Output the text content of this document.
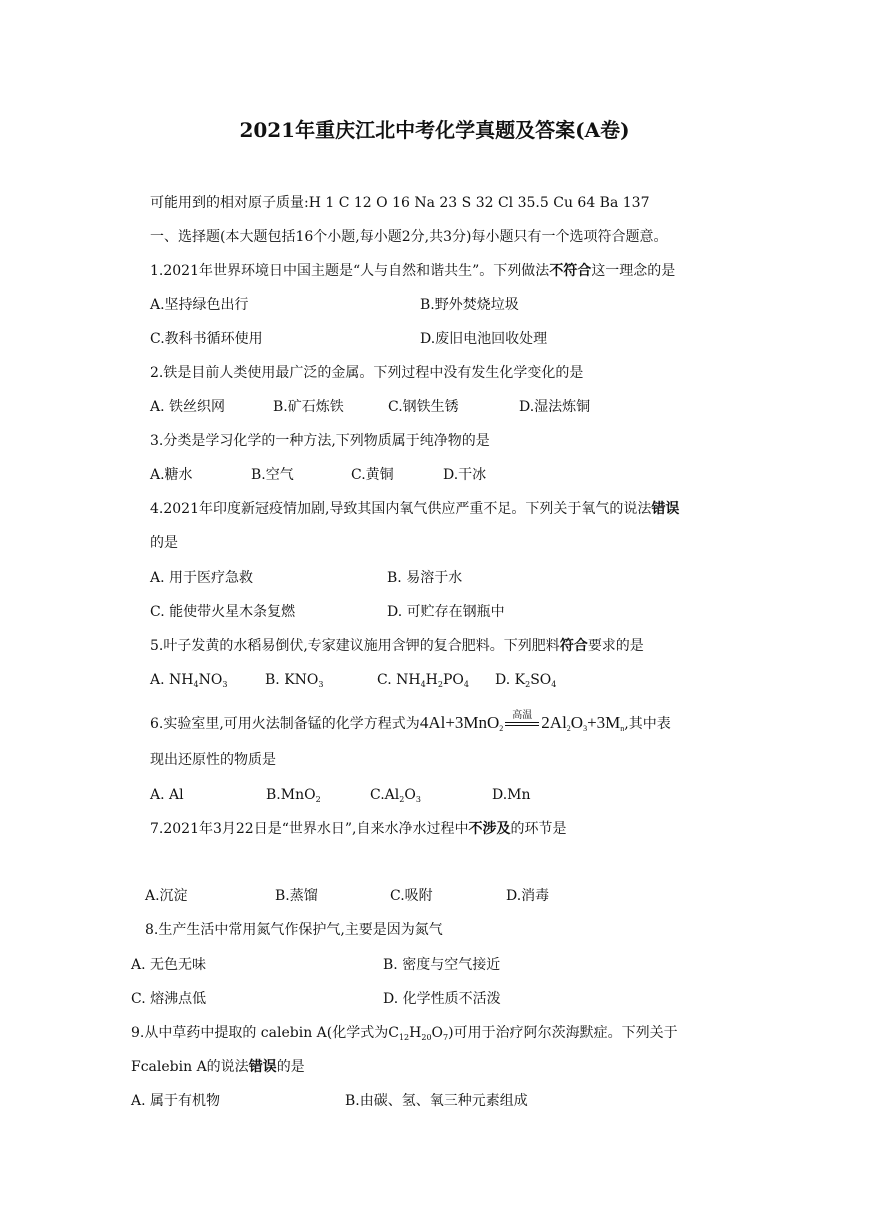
2021年重庆江北中考化学真题及答案(A卷)
可能用到的相对原子质量:H 1 C 12 O 16 Na 23 S 32 Cl 35.5 Cu 64 Ba 137
一、选择题(本大题包括16个小题,每小题2分,共3分)每小题只有一个选项符合题意。
1.2021年世界环境日中国主题是“人与自然和谐共生”。下列做法不符合这一理念的是
A.坚持绿色出行	B.野外焚烧垃圾
C.教科书循环使用	D.废旧电池回收处理
2.铁是目前人类使用最广泛的金属。下列过程中没有发生化学变化的是
A. 铁丝织网	B.矿石炼铁	C.钢铁生锈	D.湿法炼铜
3.分类是学习化学的一种方法,下列物质属于纯净物的是
A.糖水	B.空气	C.黄铜	D.干冰
4.2021年印度新冠疫情加剧,导致其国内氧气供应严重不足。下列关于氧气的说法错误
的是
A. 用于医疗急救	B. 易溶于水
C. 能使带火星木条复燃	D. 可贮存在钢瓶中
5.叶子发黄的水稻易倒伏,专家建议施用含钾的复合肥料。下列肥料符合要求的是
A. $NH_4NO_3$	B. $KNO_3$	C. $NH_4H_2PO_4$ D. $K_2SO_4$
6.实验室里,可用火法制备锰的化学方程式为4Al+3MnO$_2$
高温 $2Al_2O_3+3M_n$,其中表
现出还原性的物质是
A. Al	B.MnO$_2$	$C.Al_2O_3$	D.Mn
7.2021年3月22日是“世界水日”,自来水净水过程中不涉及的环节是
A.沉淀	B.蒸馏	C.吸附	D.消毒
8.生产生活中常用氮气作保护气,主要是因为氮气
A. 无色无味	B. 密度与空气接近
C. 熔沸点低	D. 化学性质不活泼
9.从中草药中提取的 calebin A(化学式为$C_{12}H_{20}O_7$)可用于治疗阿尔茨海默症。下列关于
Fcalebin A的说法错误的是
A. 属于有机物	B.由碳、氢、氧三种元素组成
